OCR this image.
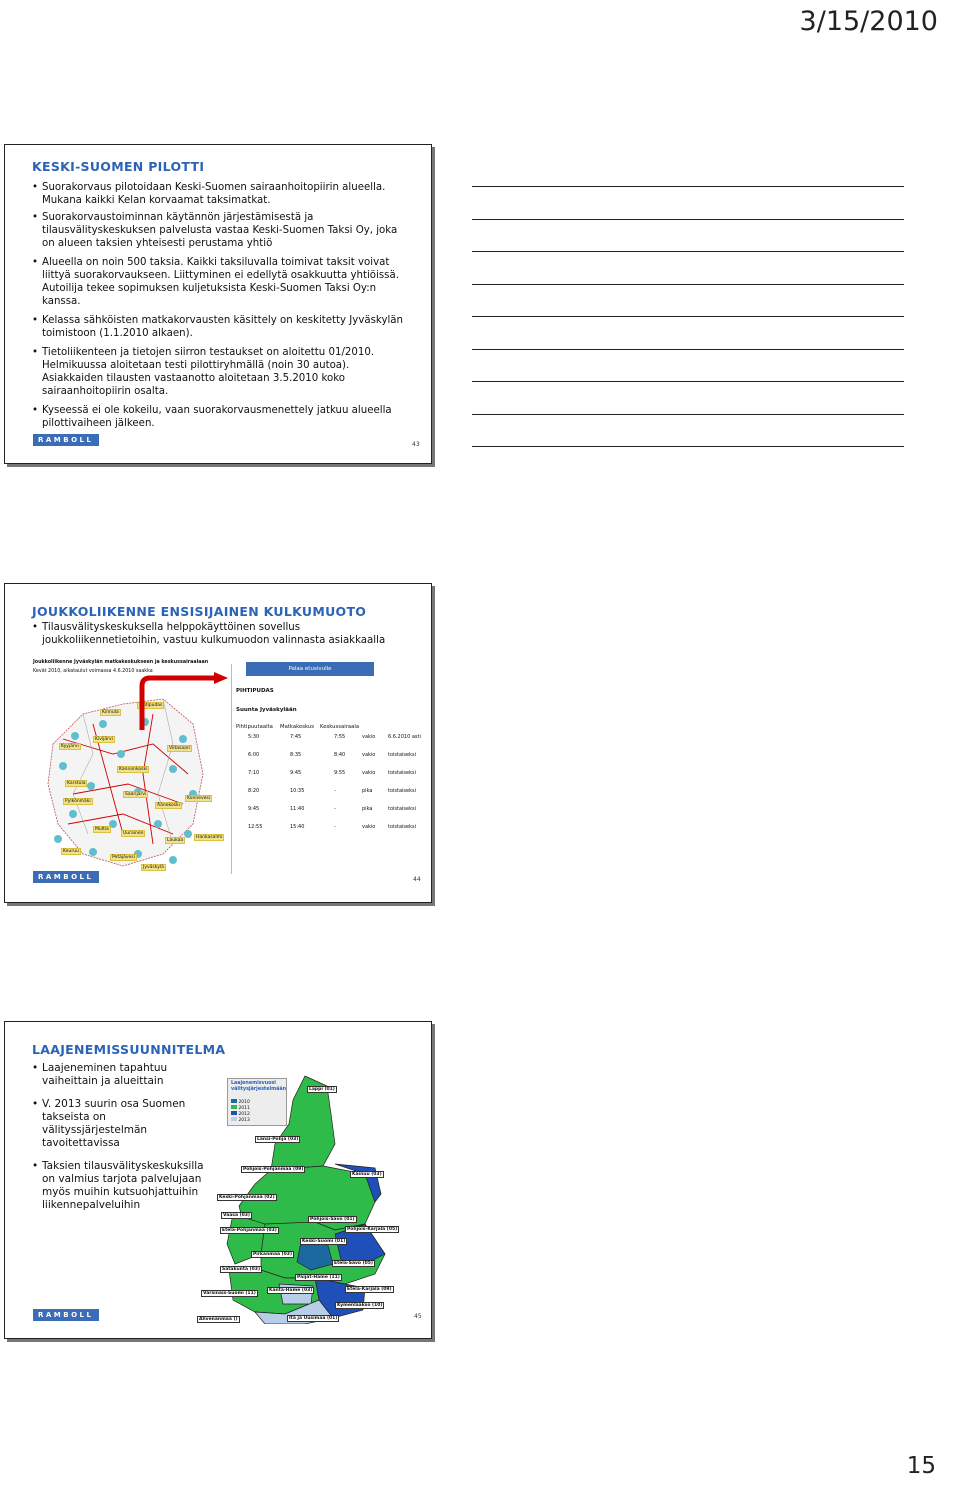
3/15/2010
KESKI-SUOMEN PILOTTI
• Suorakorvaus pilotoidaan Keski-Suomen sairaanhoitopiirin alueella. Mukana kaikki Kelan korvaamat taksimatkat.
• Suorakorvaustoiminnan käytännön järjestämisestä ja tilausvälityskeskuksen palvelusta vastaa Keski-Suomen Taksi Oy, joka on alueen taksien yhteisesti perustama yhtiö
• Alueella on noin 500 taksia. Kaikki taksiluvalla toimivat taksit voivat liittyä suorakorvaukseen. Liittyminen ei edellytä osakkuutta yhtiöissä. Autoilija tekee sopimuksen kuljetuksista Keski-Suomen Taksi Oy:n kanssa.
• Kelassa sähköisten matkakorvausten käsittely on keskitetty Jyväskylän toimistoon (1.1.2010 alkaen).
• Tietoliikenteen ja tietojen siirron testaukset on aloitettu 01/2010. Helmikuussa aloitetaan testi pilottiryhmällä (noin 30 autoa). Asiakkaiden tilausten vastaanotto aloitetaan 3.5.2010 koko sairaanhoitopiirin osalta.
• Kyseessä ei ole kokeilu, vaan suorakorvausmenettely jatkuu alueella pilottivaiheen jälkeen.
RAMBOLL
43
JOUKKOLIIKENNE ENSISIJAINEN KULKUMUOTO
• Tilausvälityskeskuksella helppokäyttöinen sovellus joukkoliikennetietoihin, vastuu kulkumuodon valinnasta asiakkaalla
Joukkoliikenne Jyväskylän matkakeskukseen ja keskussairaalaan
Kevät 2010, aikataulut voimassa 4.6.2010 saakka
Kinnula
Pihtipudas
Kivijärvi
Kyyjärvi	Viitasaari
Karstula
Kannonkoski
Saarijärvi
Pylkönmäki
Äänekoski
Konnevesi
Multia
Uurainen
Laukaa
Hankasalmi
Keuruu
Petäjävesi
Jyväskylä
Palaa etusivulle
PIHTIPUDAS
Suunta Jyväskylään
Pihtipuutaalta Matkakeskus Keskussairaala
5:30	7:45	7:55	vakio	6.6.2010 asti
6:00	8:35	8:40	vakio	toistaiseksi
7:10	9:45	9:55	vakio	toistaiseksi
8:20	10:35	-	pika	toistaiseksi
9:45	11:40	-	pika	toistaiseksi
12:55	15:40	-	vakio	toistaiseksi
RAMBOLL	44
LAAJENEMISSUUNNITELMA
• Laajeneminen tapahtuu vaiheittain ja alueittain
• V. 2013 suurin osa Suomen takseista on välityssjärjestelmän tavoitettavissa
• Taksien tilausvälityskeskuksilla on valmius tarjota palvelujaan myös muihin kutsuohjattuihin liikennepalveluihin
Laajenemisvuosi välitysjärjestelmään
2010
2011
2012
2013
Lappi (01)
Länsi-Pohja (03)
Pohjois-Pohjanmaa (09)
Kainuu (03)
Keski-Pohjanmaa (02)
Vaasa (03)
Pohjois-Savo (01)
Etelä-Pohjanmaa (03)	Pohjois-Karjala (05)
Keski-Suomi (01)
Pirkanmaa (03)
Etelä-Savo (05)
Satakunta (03)
Päijät-Häme (11)
Kanta-Häme (03)	Etelä-Karjala (09)
Varsinais-Suomi (11)
Kymenlaakso (10)
Ahvenanmaa ()	Itä ja Uusimaa (01)
RAMBOLL	45
15
